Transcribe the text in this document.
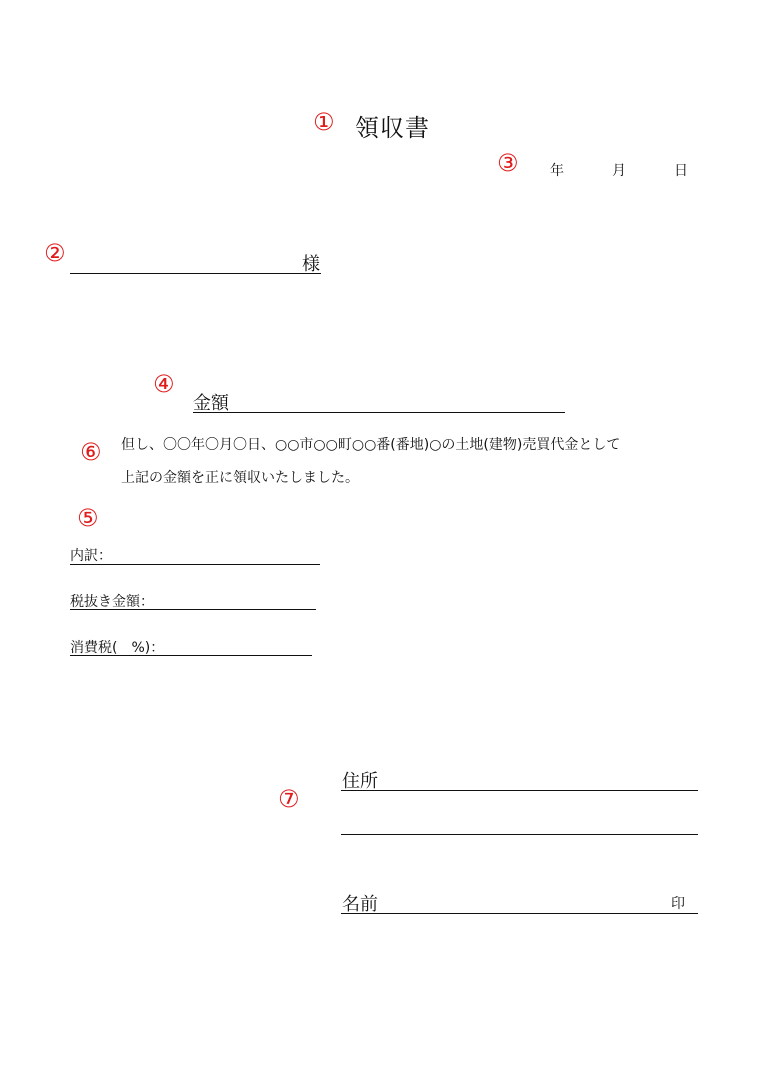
① 領収書
③ 年	月	日
②	様
④
金額
⑥ 但し、〇〇年〇月〇日、○○市○○町○○番(番地)○の土地(建物)売買代金として
上記の金額を正に領収いたしました。
⑤
内訳：
税抜き金額：
消費税(　%)：
⑦
住所
名前	印
